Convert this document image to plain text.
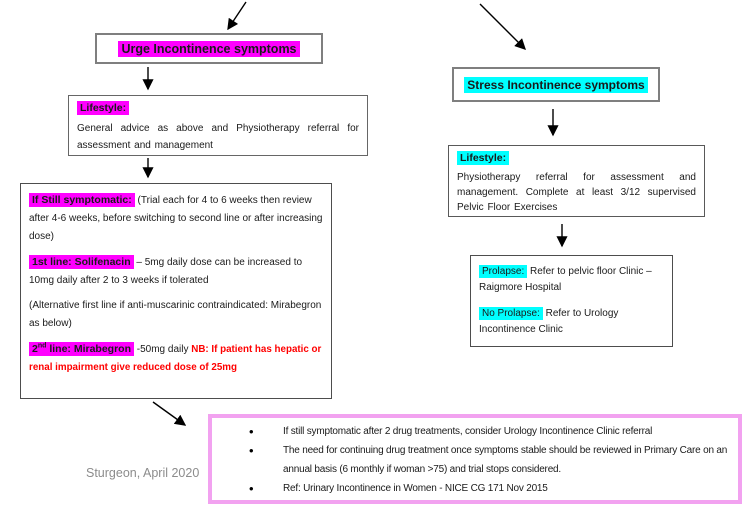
Urge Incontinence symptoms
Lifestyle:
General advice as above and Physiotherapy referral for assessment and management

If Still symptomatic: (Trial each for 4 to 6 weeks then review after 4-6 weeks, before switching to second line or after increasing dose)

1st line: Solifenacin – 5mg daily dose can be increased to 10mg daily after 2 to 3 weeks if tolerated

(Alternative first line if anti-muscarinic contraindicated: Mirabegron as below)

2nd line: Mirabegron -50mg daily NB: If patient has hepatic or renal impairment give reduced dose of 25mg

Stress Incontinence symptoms
Lifestyle:
Physiotherapy referral for assessment and management. Complete at least 3/12 supervised Pelvic Floor Exercises

Prolapse: Refer to pelvic floor Clinic – Raigmore Hospital

No Prolapse: Refer to Urology Incontinence Clinic

• If still symptomatic after 2 drug treatments, consider Urology Incontinence Clinic referral
• The need for continuing drug treatment once symptoms stable should be reviewed in Primary Care on an annual basis (6 monthly if woman >75) and trial stops considered.
• Ref: Urinary Incontinence in Women - NICE CG 171 Nov 2015
Sturgeon, April 2020
